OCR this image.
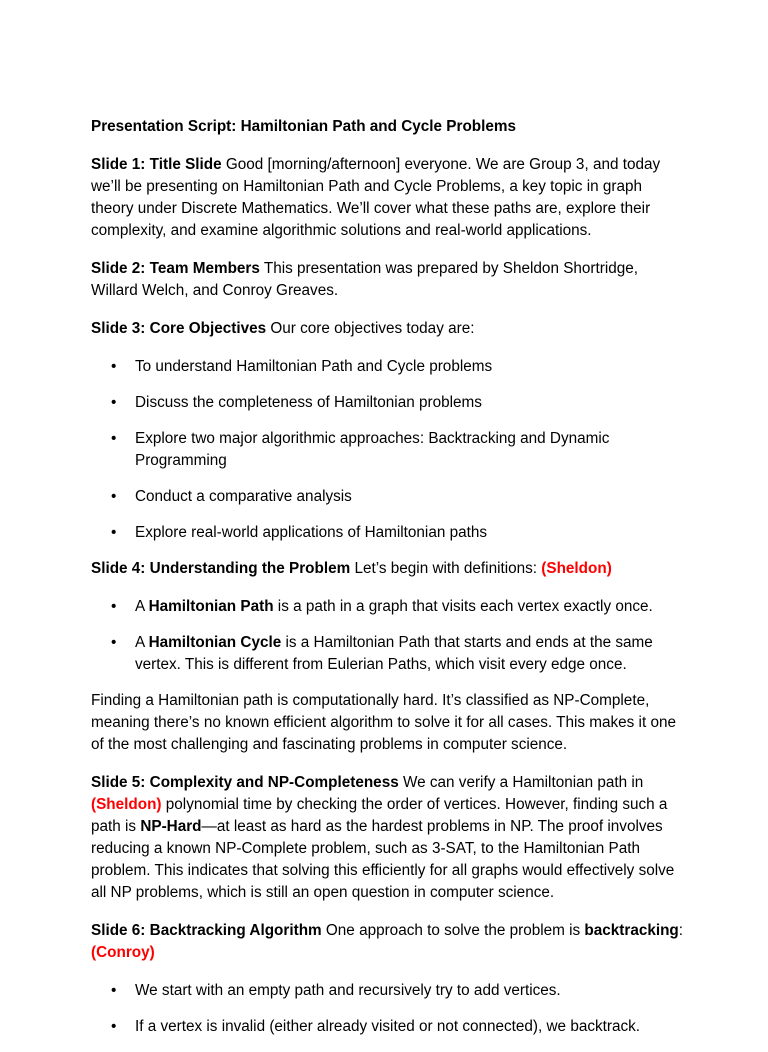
Presentation Script: Hamiltonian Path and Cycle Problems

Slide 1: Title Slide Good [morning/afternoon] everyone. We are Group 3, and today we’ll be presenting on Hamiltonian Path and Cycle Problems, a key topic in graph theory under Discrete Mathematics. We’ll cover what these paths are, explore their complexity, and examine algorithmic solutions and real-world applications.

Slide 2: Team Members This presentation was prepared by Sheldon Shortridge, Willard Welch, and Conroy Greaves.

Slide 3: Core Objectives Our core objectives today are:

• To understand Hamiltonian Path and Cycle problems
• Discuss the completeness of Hamiltonian problems
• Explore two major algorithmic approaches: Backtracking and Dynamic Programming
• Conduct a comparative analysis
• Explore real-world applications of Hamiltonian paths

Slide 4: Understanding the Problem Let’s begin with definitions: (Sheldon)

• A Hamiltonian Path is a path in a graph that visits each vertex exactly once.
• A Hamiltonian Cycle is a Hamiltonian Path that starts and ends at the same vertex. This is different from Eulerian Paths, which visit every edge once.

Finding a Hamiltonian path is computationally hard. It’s classified as NP-Complete, meaning there’s no known efficient algorithm to solve it for all cases. This makes it one of the most challenging and fascinating problems in computer science.

Slide 5: Complexity and NP-Completeness We can verify a Hamiltonian path in (Sheldon) polynomial time by checking the order of vertices. However, finding such a path is NP-Hard—at least as hard as the hardest problems in NP. The proof involves reducing a known NP-Complete problem, such as 3-SAT, to the Hamiltonian Path problem. This indicates that solving this efficiently for all graphs would effectively solve all NP problems, which is still an open question in computer science.

Slide 6: Backtracking Algorithm One approach to solve the problem is backtracking: (Conroy)

• We start with an empty path and recursively try to add vertices.
• If a vertex is invalid (either already visited or not connected), we backtrack.
